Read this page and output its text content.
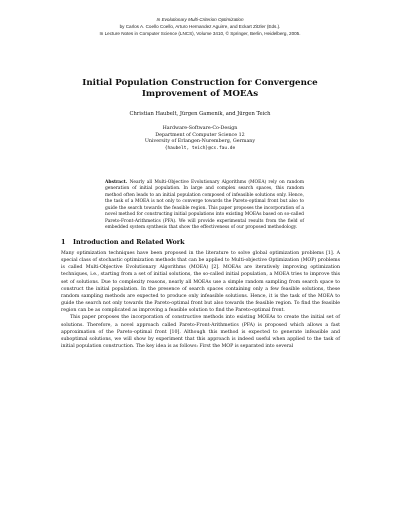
In Evolutionary Multi-Criterion Optimization
by Carlos A. Coello Coello, Arturo Hernandez Aguirre, and Eckart Zitzler (Eds.).
In Lecture Notes in Computer Science (LNCS), Volume 3410, © Springer, Berlin, Heidelberg, 2005.
Initial Population Construction for Convergence
Improvement of MOEAs
Christian Haubelt, Jürgen Gamenik, and Jürgen Teich
Hardware-Software-Co-Design
Department of Computer Science 12
University of Erlangen-Nuremberg, Germany
{haubelt, teich}@cs.fau.de
Abstract. Nearly all Multi-Objective Evolutionary Algorithms (MOEA) rely on random generation of initial population. In large and complex search spaces, this random method often leads to an initial population composed of infeasible solutions only. Hence, the task of a MOEA is not only to converge towards the Pareto-optimal front but also to guide the search towards the feasible region. This paper proposes the incorporation of a novel method for constructing initial populations into existing MOEAs based on so-called Pareto-Front-Arithmetics (PFA). We will provide experimental results from the field of embedded system synthesis that show the effectiveness of our proposed methodology.
1 Introduction and Related Work

Many optimization techniques have been proposed in the literature to solve global optimization problems [1]. A special class of stochastic optimization methods that can be applied to Multi-objective Optimization (MOP) problems is called Multi-Objective Evolutionary Algorithms (MOEA) [2]. MOEAs are iteratively improving optimization techniques, i.e., starting from a set of initial solutions, the so-called initial population, a MOEA tries to improve this set of solutions. Due to complexity reasons, nearly all MOEAs use a simple random sampling from search space to construct the initial population. In the presence of search spaces containing only a few feasible solutions, these random sampling methods are expected to produce only infeasible solutions. Hence, it is the task of the MOEA to guide the search not only towards the Pareto-optimal front but also towards the feasible region. To find the feasible region can be as complicated as improving a feasible solution to find the Pareto-optimal front.

This paper proposes the incorporation of constructive methods into existing MOEAs to create the initial set of solutions. Therefore, a novel approach called Pareto-Front-Arithmetics (PFA) is proposed which allows a fast approximation of the Pareto-optimal front [10]. Although this method is expected to generate infeasible and suboptimal solutions, we will show by experiment that this approach is indeed useful when applied to the task of initial population construction. The key idea is as follows: First the MOP is separated into several
